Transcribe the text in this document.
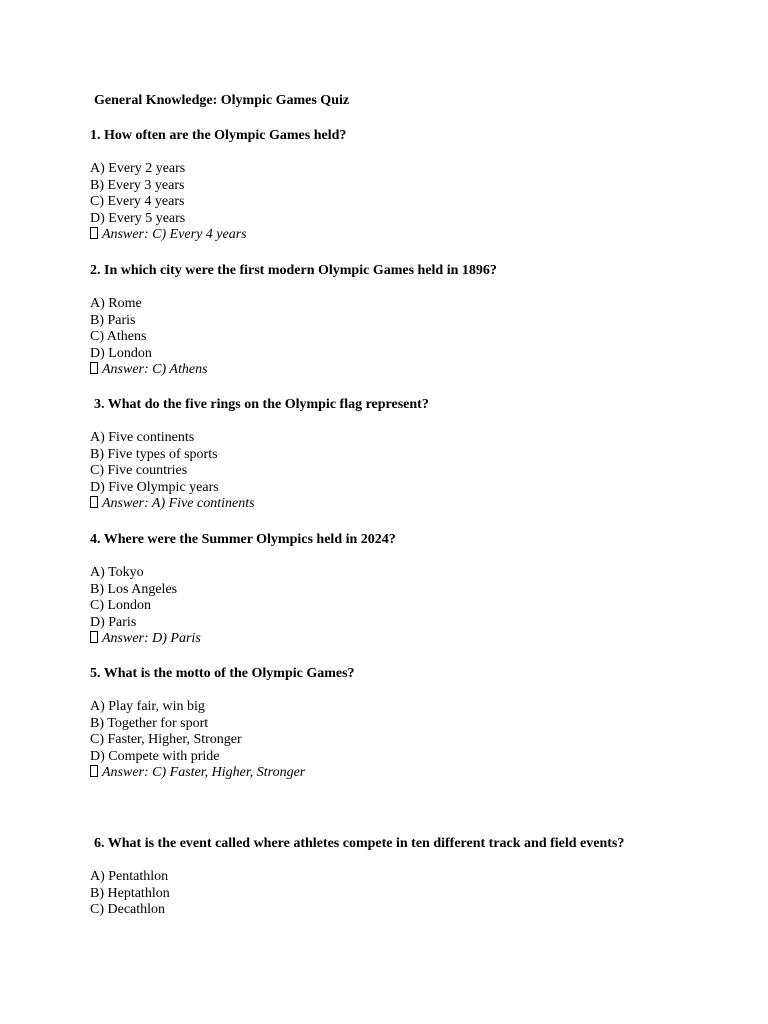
General Knowledge: Olympic Games Quiz
1. How often are the Olympic Games held?
A) Every 2 years
B) Every 3 years
C) Every 4 years
D) Every 5 years
Answer: C) Every 4 years
2. In which city were the first modern Olympic Games held in 1896?
A) Rome
B) Paris
C) Athens
D) London
Answer: C) Athens
3. What do the five rings on the Olympic flag represent?
A) Five continents
B) Five types of sports
C) Five countries
D) Five Olympic years
Answer: A) Five continents
4. Where were the Summer Olympics held in 2024?
A) Tokyo
B) Los Angeles
C) London
D) Paris
Answer: D) Paris
5. What is the motto of the Olympic Games?
A) Play fair, win big
B) Together for sport
C) Faster, Higher, Stronger
D) Compete with pride
Answer: C) Faster, Higher, Stronger
6. What is the event called where athletes compete in ten different track and field events?
A) Pentathlon
B) Heptathlon
C) Decathlon
